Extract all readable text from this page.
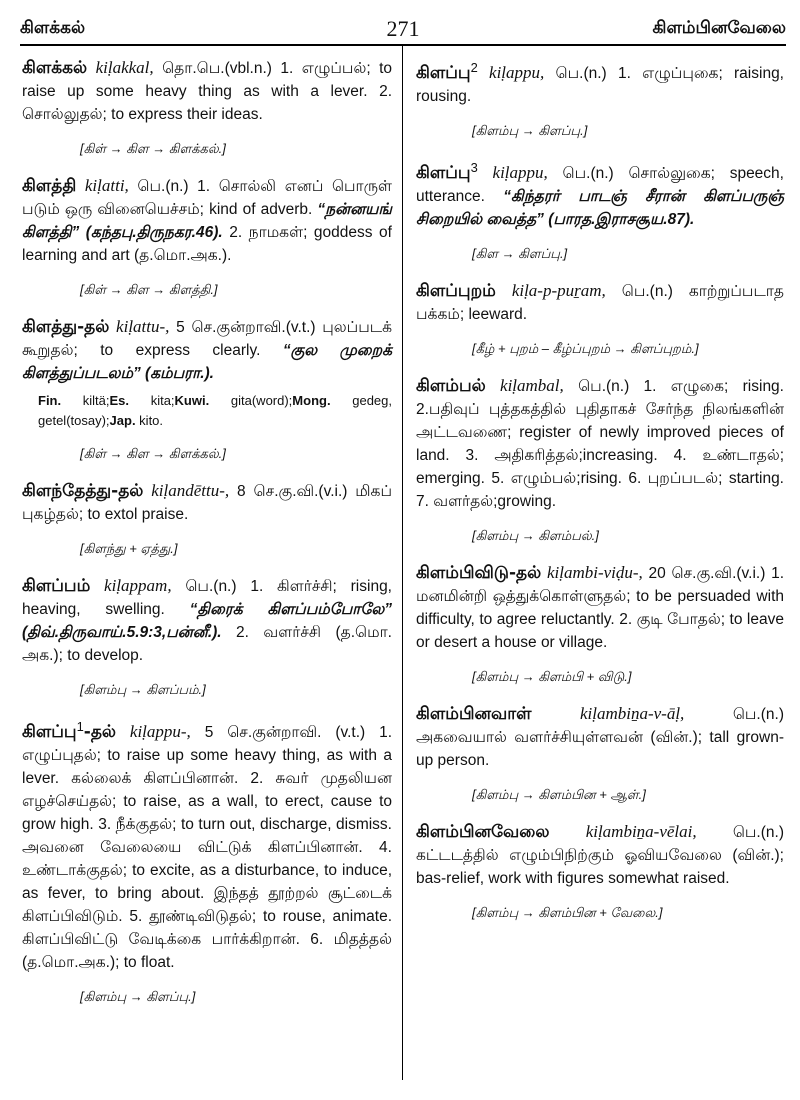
கிளக்கல்	271	கிளம்பினவேலை

கிளக்கல் kiḷakkal, தொ.பெ.(vbl.n.) 1. எழுப்பல்; to raise up some heavy thing as with a lever. 2. சொல்லுதல்; to express their ideas.

[கிள் → கிள → கிளக்கல்.]

கிளத்தி kiḷatti, பெ.(n.) 1. சொல்லி எனப் பொருள் படும் ஒரு வினையெச்சம்; kind of adverb. “நன்னயங் கிளத்தி” (கந்தபு.திருநகர.46). 2. நாமகள்; goddess of learning and art (த.மொ.அக.).

[கிள் → கிள → கிளத்தி.]

கிளத்து-தல் kiḷattu-, 5 செ.குன்றாவி.(v.t.) புலப்படக் கூறுதல்; to express clearly. “குல முறைக் கிளத்துப்படலம்” (கம்பரா.).

Fin. kiltä;Es. kita;Kuwi. gita(word);Mong. gedeg, getel(tosay);Jap. kito.

[கிள் → கிள → கிளக்கல்.]

கிளந்தேத்து-தல் kiḷandēttu-, 8 செ.கு.வி.(v.i.) மிகப் புகழ்தல்; to extol praise.

[கிளந்து + ஏத்து.]

கிளப்பம் kiḷappam, பெ.(n.) 1. கிளர்ச்சி; rising, heaving, swelling. “திரைக் கிளப்பம்போலே” (திவ்.திருவாய்.5.9:3,பன்னீ.). 2. வளர்ச்சி (த.மொ. அக.); to develop.

[கிளம்பு → கிளப்பம்.]

கிளப்பு$^1$-தல் kiḷappu-, 5 செ.குன்றாவி. (v.t.) 1. எழுப்புதல்; to raise up some heavy thing, as with a lever. கல்லைக் கிளப்பினான். 2. சுவர் முதலியன எழச்செய்தல்; to raise, as a wall, to erect, cause to grow high. 3. நீக்குதல்; to turn out, discharge, dismiss. அவனை வேலையை விட்டுக் கிளப்பினான். 4. உண்டாக்குதல்; to excite, as a disturbance, to induce, as fever, to bring about. இந்தத் தூற்றல் சூட்டைக் கிளப்பிவிடும். 5. தூண்டிவிடுதல்; to rouse, animate. கிளப்பிவிட்டு வேடிக்கை பார்க்கிறான். 6. மிதத்தல் (த.மொ.அக.); to float.

[கிளம்பு → கிளப்பு.]

கிளப்பு$^2$ kiḷappu, பெ.(n.) 1. எழுப்புகை; raising, rousing.

[கிளம்பு → கிளப்பு.]

கிளப்பு$^3$ kiḷappu, பெ.(n.) சொல்லுகை; speech, utterance. “கிந்தரர் பாடஞ் சீரான் கிளப்பருஞ் சிறையில் வைத்த” (பாரத.இராசசூய.87).

[கிள → கிளப்பு.]

கிளப்புறம் kiḷa-p-puṟam, பெ.(n.) காற்றுப்படாத பக்கம்; leeward.

[கீழ் + புறம் – கீழ்ப்புறம் → கிளப்புறம்.]

கிளம்பல் kiḷambal, பெ.(n.) 1. எழுகை; rising. 2.பதிவுப் புத்தகத்தில் புதிதாகச் சேர்ந்த நிலங்களின் அட்டவணை; register of newly improved pieces of land. 3. அதிகரித்தல்;increasing. 4. உண்டாதல்; emerging. 5. எழும்பல்;rising. 6. புறப்படல்; starting. 7. வளர்தல்;growing.

[கிளம்பு → கிளம்பல்.]

கிளம்பிவிடு-தல் kiḷambi-viḍu-, 20 செ.கு.வி.(v.i.) 1. மனமின்றி ஒத்துக்கொள்ளுதல்; to be persuaded with difficulty, to agree reluctantly. 2. குடி போதல்; to leave or desert a house or village.

[கிளம்பு → கிளம்பி + விடு.]

கிளம்பினவாள்	kiḷambiṉa-v-āḷ, பெ.(n.) அகவையால் வளர்ச்சியுள்ளவன் (வின்.); tall grown-up person.

[கிளம்பு → கிளம்பின + ஆள்.]

கிளம்பினவேலை kiḷambiṉa-vēlai, பெ.(n.) கட்டடத்தில் எழும்பிநிற்கும் ஓவியவேலை (வின்.); bas-relief, work with figures somewhat raised.

[கிளம்பு → கிளம்பின + வேலை.]
